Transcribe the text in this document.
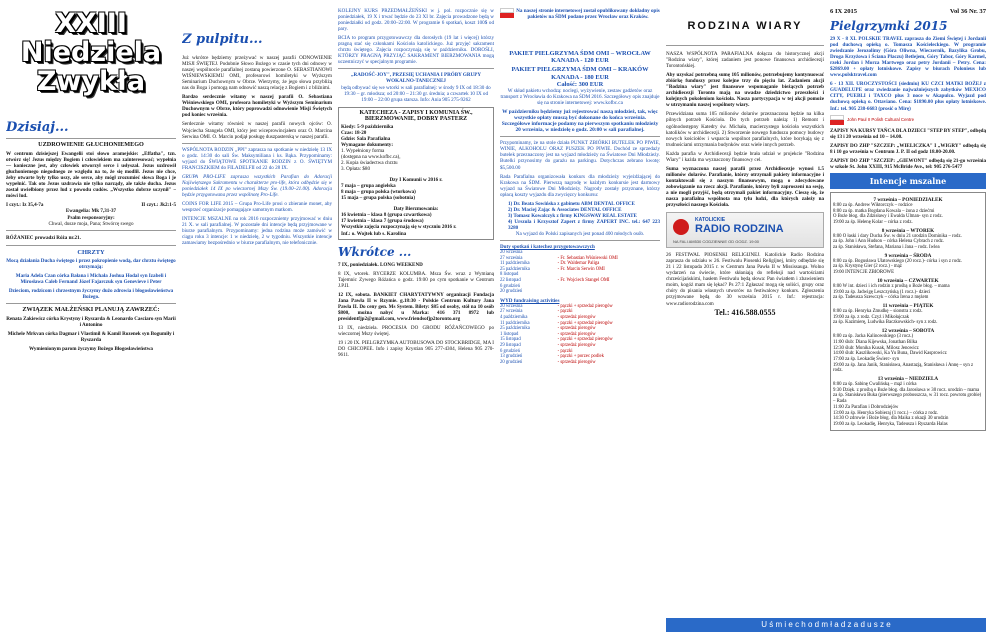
XXIII
Niedziela
Zwykła
Dzisiaj...
UZDROWIENIE GŁUCHONIEMEGO
W centrum dzisiejszej Ewangelii stoi słowo aramejskie: „Effatha", tzn. otwórz się! Jezus między Bogiem i człowiekiem ma zainteresować; wypełnia — konieczne jest, aby człowiek otworzył serce i usłyszał. Jezus uzdrowił głuchoniemego niegodnego ze względu na to, że się modlił. Jezus nie chce, żeby otwarte były tylko uszy, ale serce, aby mógł zrozumieć słowa Boga i je wypełnić. Tak oto Jezus uzdrawia nie tylko narządy, ale także ducha. Jezus został uwielbiony przez lud z powodu cudów. „Wszystko dobrze uczynił" – mówi lud.
I czyt.: Iz 35,4-7a	II czyt.: Jk2:1-5
Ewangelia: Mk 7,31-37
Psalm responsoryjny:
Chwal, dusze moja, Pana; Stwórcę swego
RÓŻANIEC prowadzi Róża nr.21.
CHRZTY
Mocą działania Ducha świętego i przez pokropienie wodą, dar chrztu świętego otrzymają:
Maria Adela Czan córka Bałana i Michała Joshua Hodal syn Izabeli i Mirosława Caleb Fernand Józef Fajarczuk syn Genevieve i Peter
Dzieciom, rodzicom i chrzestnym życzymy dużo zdrowia i błogosławieństwa Bożego.
ZWIĄZEK MAŁŻEŃSKI PLANUJĄ ZAWRZEĆ:
Renata Zakiewicz córka Krystyny i Ryszarda & Leonardo Casciaro syn Marii i Antonino
Michele Mrkvan córka Dagmar i Vlastimil & Kamil Rozenek syn Bogumiły i Ryszarda
Wymienionym parom życzymy Bożego Błogosławieństwa
Z pulpitu...
Już wkrótce będziemy przeżywać w naszej parafii ODNOWIENIE MISJI ŚWIĘTEJ. Podobnie Słowo Bożego w czasie tych dni odnowy w naszej wspólnocie parafialnej zostaną powierzone O. SEBASTIANOWI WIŚNIEWSKIEMU OMI, profesorowi homiletyki w Wyższym Seminarium Duchownym w Obrze. Wierzymy, że jego słowa przybliżą nas do Boga i pomogą nam odnowić naszą relację z Bogiem i z bliźnimi.
Bardzo serdecznie witamy w naszej parafii O. Sebastiana Wiśniewskiego OMI, profesora homiletyki w Wyższym Seminarium Duchownym w Obrze, który poprowadzi odnowienie Misji Świętych pod koniec września.
Serdecznie witamy również w naszej parafii nowych ojców: O. Wojciecha Stangela OMI, który jest wiceprowincjałem oraz O. Marcina Serwina OMI. O. Marcin podjął posługę duszpasterską w naszej parafii.
WSPÓLNOTA RODZIN „PPI" zaprasza na spotkanie w niedzielę 13 IX o godz. 14:30 do sali Św. Maksymiliana i ks. Bąka. Przypominamy: wyjazd do ŚWIĄTOWE SPOTKANIE RODZIN z O. ŚWIĘTYM FRANCISZKIEM do FILADELFII od 22 do 28 IX.
GRUPA PRO-LIFE zaprasza wszystkich Parafian do Adoracji Najświętszego Sakramentu w charakterze pro-life, która odbędzie się w poniedziałek 14 IX po wieczornej Mszy Św. (19.00–21.00). Adoracja będzie przygotowana przez wspólnotę Pro-Life.
COINS FOR LIFE 2015 – Grupa Pro-Life prosi o zbieranie monet, aby wesprzeć organizacje pomagające samotnym matkom.
INTENCJE MSZALNE na rok 2016 rozpoczniemy przyjmować w dniu 21 X. w sali parafialnej. W pozostałe dni intencje będą przyjmowane w biurze parafialnym. Przypominamy: jedna rodzina może zamówić w ciągu roku 3 intencje: 1 w niedzielę, 2 w tygodniu. Wszystkie intencje zamawiamy bezpośrednio w biurze parafialnym, nie telefonicznie.
KOLEJNY KURS PRZEDMAŁŻEŃSKI w j. pol. rozpocznie się w poniedziałek, 19 X i trwać będzie do 23 XI br. Zajęcia prowadzone będą w poniedziałki od godz. 20:00–22:00. W programie 6 spotkań, koszt 100$ od pary.
BCIA to program przygotowawczy dla dorosłych (19 lat i więcej) którzy pragną stać się członkami Kościoła katolickiego. Już przyjęć sakrament chrztu świętego. Zajęcia rozpoczynają się w październiku. DOROŚLI, KTÓRZY PRAGNĄ PRZYJĄĆ SAKRAMENT BIERZMOWANIA mogą uczestniczyć w specjalnym programie.
„RADOŚĆ-JOY", PRZESIĘ UCHANIA I PRÓBY GRUPY WOKALNO-TANECZNEJ
będą odbywać się we wtorki w sali parafialnej: w środy 9 IX od 18:30 do 19:30 – gr. młodsza; od 20:00 – 21:30 gr. średnia; a czwartek 10 IX od 19:00 – 22:00 grupa starsza. Info: Ania 905 275-9262
KATECHEZA - ZAPISY I KOMUNIA ŚW., BIERZMOWANIE, DOBRY PASTERZ
Kiedy: 5-9 października
Czas: 18-20
Gdzie: Sala Parafialna
Wymagane dokumenty:
1. Wypełniony forma
(dostępna na www.kofbc.ca),
2. Kopia świadectwa chrztu
3. Opłata: $80
Dzy I Komunii w 2016 r.
7 maja – grupa angielska
8 maja – grupa polska (wtorkowa)
15 maja – grupa polska (sobotnia)
Daty Bierzmowania:
16 kwietnia – klasa 8 (grupa czwartkowa)
17 kwietnia – klasa 7 (grupa środowa)
Wszystkie zajęcia rozpoczynają się w styczniu 2016 r.
Inf.: o. Wojtek lub s. Karolina
Wkrótce ...
7 IX, poniedziałek. LONG WEEKEND
8 IX, wtorek. RYCERZE KOLUMBA. Msza Św. wraz z Wymianą Tajemnic Zywego Różańca o godz. 19:00 po cym spotkanie w Centrum J.P.II.
12 IX, sobota. BANKIET CHARYTATYWNY organizacji Fundacja Jana Pawła II w Rzymie. g.18:30 - Polskie Centrum Kultury Jana Pawła II. Do ceny gen. Ms System. Bilety: $85 od osoby, stół na 10 osób $800, można nabyć u Marka: 416 371 8972 lub presidentfjp2@gmail.com, www.friendsofjp2toronto.org
13 IX, niedziela. PROCESJA DO GRODU RÓŻAŃCOWEGO po wieczornej Mszy świętej.
19 i 20 IX. PIELGRZYMKA AUTOBUSOWA DO STOCKBRIDGE, MA I DO CHICOPEE. Info i zapisy Krystian 905 277-4304, Helena 905 270-9611.
Na naszej stronie internetowej został opublikowany dokładny opis pakietów na ŚDM podane przez Wrocław oraz Kraków.
PAKIET PIELGRZYMA ŚDM OMI – WROCŁAW KANADA - 120 EUR
PAKIET PIELGRZYMA ŚDM OMI – KRAKÓW KANADA - 180 EUR
Całość: 300 EUR
W skład pakietu wchodzą: noclegi, wyżywienie, zestaw gadżetów oraz transport z Wrocławia do Krakowa na ŚDM 2016. Szczegółowy opis znajduje się na stronie internetowej: www.kofbc.ca
W październiku będziemy już rejestrować naszą młodzież, tak, więc wszystkie opłaty muszą być dokonane do końca września. Szczegółowe informacje podamy na pierwszym spotkaniu młodzieży 20 września, w niedzielę o godz. 20:00 w sali parafialnej.
Przypominamy, że na stole działa PUNKT ZBIÓRKI BUTELEK PO PIWIE, WINIE, ALKOHOLU ORAZ PUSZEK PO PIWIE. Dochód ze sprzedaży butelek przeznaczony jest na wyjazd młodzieży na Światowe Dni Młodzieży. Butelki przynosimy do garażu na parkingu. Dotychczas zebrano kwotę: $5,500.00
Rada Parafialna organizowała konkurs dla młodzieży wyjeżdżającej do Krakowa na ŚDM. Pierwszą nagrodę w każdym konkursie jest darmowy wyjazd na Światowe Dni Młodzieży. Nagrody zostały przyznane, którzy opłacą koszty wyjazdu dla zwycięzcy konkursu:
1) Dr. Beata Sowińska z gabinetu ABM DENTAL OFFICE
2) Dr. Maciej Zając & Associates DENTAL OFFICE
3) Tomasz Kowalczyk z firmy KINGSWAY REAL ESTATE
4) Urszula i Krzysztof Zapert z firmy ZAPERT INC. tel.: 647 223 3280
Na wyjazd do Polski zapisanych jest ponad 400 młodych osób.
Duty spotkań i katechez przygotowawczych
20 września
27 września	- Fr. Sebastian Wiśniewski OMI
11 października	- Dr. Waldemar Paliga
25 października	- Fr. Marcin Serwin OMI
8 listopad
22 listopad	- Fr. Wojciech Stangel OMI
6 grudzień
20 grudzień
WYD fundraising activities
20 września	- pączki + sprzedaż pierogów
27 września	- pączki
4 października	- sprzedaż pierogów
11 października	- pączki + sprzedaż pierogów
25 października	- sprzedaż pierogów
1 listopad	- sprzedaż pierogów
15 listopad	- pączki + sprzedaż pierogów
29 listopad	- sprzedaż pierogów
6 grudzień	- pączki
13 grudzień	- pączki + porzec podlek
20 grudzień	- sprzedaż pierogów
RODZINA WIARY
NASZA WSPÓLNOTA PARAFIALNA dołącza do historycznej akcji "Rodzina wiary", której zadaniem jest ponowe finansowa archidiecezji Torontońskiej.
Aby uzyskać potrzebną sumę 105 milionów, potrzebujemy kontynuować zbiórkę funduszy przez kolejne trzy do pięciu lat. Zadaniem akcji "Rodzina wiary" jest finansowe wspomaganie bieżących potrzeb archidiecezji Toronto mają na uwadze dziedzictwo przeszłości i kolejnych pokoleniom kościoła. Nasza partycypacja w tej akcji pomoże w utrzymaniu naszej wspólnoty wiary.
Przewidziana suma 105 milionów dolarów przeznaczona będzie na kilka pilnych potrzeb Kościoła. Do tych potrzeb należą: 1) Remont i ogólnodostępny Katedry św. Michała, macierzystego kościoła wszystkich katolików w archidiecezji. 2) Stworzenie nowego funduszu pomocy budowy nowych kościołów i wsparcia wspólnot parafialnych, które borykają się z trudnościami utrzymania budynków oraz wiele innych potrzeb.
Każda parafia w Archidiecezji będzie brała udział w projekcie "Rodzina Wiary" i każda ma wyznaczony finansowy cel.
Suma wyznaczona naszej parafii przez Archidiecezje wynosi 1.5 milionów dolarów. Parafianie, którzy otrzymali pakiety informacyjne i kontaktowali się z naszym finansowym, mogą o zdecydowane zobowiązanie na rzecz akcji. Parafianie, którzy byli zaproszeni na sesję, a nie mogli przyjść, będą otrzymali pakiet informacyjny. Cieszę się, że nasza parafialna wspólnota ma tylu ludzi, dla których zależy na przyszłości naszego Kościoła.
KATOLICKIE
RADIO RODZINA
NA FALI AM530 CODZIENNIE OD GODZ. 19:00
26 FESTIWAL PIOSENKI RELIGIJNEJ. Katolickie Radio Rodzina zaprasza do udziału w 26. Festiwalu Piosenki Religijnej, który odbędzie się 21 i 22 listopada 2015 r. w Centrum Jana Pawła II w Mississauga. Wolno wydarzeń na świecie, które skłaniają do refleksji nad wartościami chrześcijańskimi, hasłem Festiwalu będą słowa: Pan światłem i zbawieniem moim, kogóż mam się lękać? Ps 27:1 Zgłaszać mogą się soliści, grupy oraz chóry do pisania własnych utworów na festiwalowy konkurs. Zgłoszenia przyjmowane będą do 30 września 2015 r. Inf.: rejestracja: www.radiorodzina.com
Tel.: 416.588.0555
6 IX 2015	Vol 36 Nr. 37
Pielgrzymki 2015
29 X - 8 XI. POLSKIE TRAVEL zaprasza do Ziemi Świętej i Jordanii pod duchową opieką o. Tomasza Kościeleckiego. W programie zwiedzanie Jerozolimy (Góra Oliwna, Wieczernik, Bazylika Grobu, Droga Krzyżowa i Ściana Płaczu) Betlejem, Góry Tabor, Góry Karmel, rzeki Jordan i Morza Martwego oraz petry Jordanii – Petry. Cena: $2869.00 + opłaty lotniskowe. Zapisy w biurach Polonieus lub www.polsktravel.com
6 - 13 XII. UROCZYSTOŚCI (siedmiu) KU CZCI MATKI BOŻEJ z GUADELUPE oraz zwiedzanie najważniejszych zabytków MEXICO CITY, PUEBLI i TAXCO plus 3 noce w Akapulco. Wyjazd pod duchową opieką o. Ottaviano. Cena: $1890.00 plus opłaty lotniskowe. Inf.: tel. 905 238-6683 (prosić o Mirę)
John Paul II Polish Cultural Centre
ZAPISY NA KURSY TAŃCA DLA DZIECI "STEP BY STEP", odbędą się 13 i 20 września od 10 – 14.00.
ZAPISY DO ZHP "SZCZEP: „WIELICZKA" I „WIGRY" odbędą się 8 i 10 go września w Centrum J. P. II od godz 18.00-20.00.
ZAPISY DO ZHP "SZCZEP: „GIEWONT" odbędą się 21-go września w szkole St. John XXIII, 915 McBride Ave., tel: 905 276-5477
Intencje mszalne
7 września – PONIEDZIAŁEK
8:00 za śp. Andrew Wiktorczyk – rodzice
8:00 za śp. matka Bogdana Kowala – żona z dziećmi
O Boże błog. dla Zdzisławy i Ewalda Ulman- syn z rodz.
19:00 za śp. Helenę Kolar – córka z rodz.
8 września – WTOREK
8:00 O łaski i dary Ducha Św. w dniu 21 urodzin Dominika – rodz.
za śp. John i Ann Hudson – córka Helena Cybrach z rodz.
za śp. Stanisława, Stefana, Mariana i Jana – rodz. Iwlea
9 września – ŚRODA
8:00 za śp. Bogusława Ulatowskiego (20 rocz.)- córka i syn z rodz.
za śp. Krystynę Gier (2 rocz.) - mąż
19:00 INTENCJE ZBIOROWE
10 września – CZWARTEK
8:00 W int. dzieci i ich rodzin z prośbą o Boże błog. – mama
19:00 za śp. Jadwigę Leszczyńską (1 rocz.)- dzieci
za śp. Tadeusza Szewczyk – córka Irena z mężem
11 września – PIĄTEK
8:00 za śp. Henryka Zmudkę – sionstra z rodz.
19:00 za śp. z rodz. Czyż i Mikołajczak
za śp. Kazimierę, Ludwika Baczkowskich- syn z rodz.
12 września – SOBOTA
8:00 za śp. Jacka Kalinowskiego (3 rocz.)
11:00 ślub: Diana Kijewska, Jonathan Bilka
12:30 ślub: Monika Kusak, Milosz Jenowicz
14:00 ślub: Kaszlikowski, Ka Yu Buna, Dawid Kasprowicz
17:00 za śp. Leokadię Świerc- syn
19:00 za śp. Jana Janik, Stanisława, Anastazją, Stanisława i Annę – syn z rodz.
13 września – NIEDZIELA
8:00 za śp. Sabinę Cwalińską – mąż i córka
9:30 Dzięk. z prośbą o Boże błog. dla Jarosława w 30 rocz. urodzin – mama
za śp. Stanisława Buka (pierwszego probosszcza, w 31 rocz. powrotu grobie) – Rada
11:00 Za Parafian i Dobrodziejów
13:00 za śp. Henryka Sobieraj (1 rocz.) – córka z rodz.
14:30 O zdrowie i Boże błog. dla Maika z okazji 30 urodzin
19:00 za śp. Leokadię, Henryka, Tadeusza i Ryszarda Halas
U ś m i e c h o d m ł a d z a d u s z e
